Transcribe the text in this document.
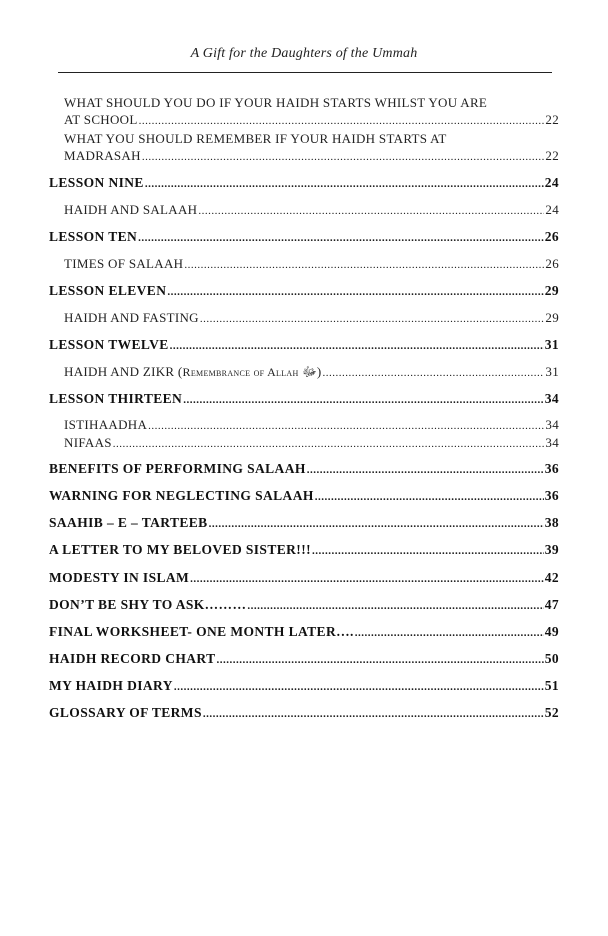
A Gift for the Daughters of the Ummah
WHAT SHOULD YOU DO IF YOUR HAIDH STARTS WHILST YOU ARE
AT SCHOOL .....	22
WHAT YOU SHOULD REMEMBER IF YOUR HAIDH STARTS AT
MADRASAH .....	22
LESSON NINE .....	24
HAIDH AND SALAAH .....	24
LESSON TEN .....	26
TIMES OF SALAAH .....	26
LESSON ELEVEN .....	29
HAIDH AND FASTING .....	29
LESSON TWELVE .....	31
HAIDH AND ZIKR (Remembrance of Allah ﷻ) .....	31
LESSON THIRTEEN .....	34
ISTIHAADHA .....	34
NIFAAS .....	34
BENEFITS OF PERFORMING SALAAH .....	36
WARNING FOR NEGLECTING SALAAH .....	36
SAAHIB – E – TARTEEB .....	38
A LETTER TO MY BELOVED SISTER!!! .....	39
MODESTY IN ISLAM .....	42
DON’T BE SHY TO ASK……… .....	47
FINAL WORKSHEET- ONE MONTH LATER…. .....	49
HAIDH RECORD CHART .....	50
MY HAIDH DIARY .....	51
GLOSSARY OF TERMS .....	52
